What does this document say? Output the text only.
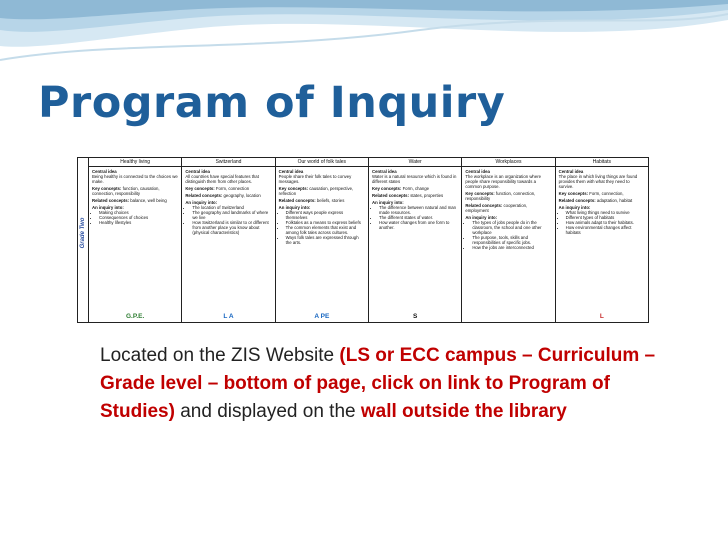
Program of Inquiry
Grade Two
Healthy living
Central idea
Being healthy is connected to the choices we make.
Key concepts: function, causation, connection, responsibility
Related concepts: balance, well being
An inquiry into:
• Making choices
• Consequences of choices
• Healthy lifestyles
G.P.E.
Switzerland
Central idea
All countries have special features that distinguish them from other places.
Key concepts: Form, connection
Related concepts: geography, location
An inquiry into:
• The location of Switzerland
• The geography and landmarks of where we live
• How Switzerland is similar to or different from another place you know about (physical characteristics)
L A
Our world of folk tales
Central idea
People share their folk tales to convey messages.
Key concepts: causation, perspective, reflection
Related concepts: beliefs, stories
An inquiry into:
• Different ways people express themselves
• Folktales as a means to express beliefs
• The common elements that exist and among folk tales across cultures.
• Ways folk tales are expressed through the arts.
A PE
Water
Central idea
Water is a natural resource which is found in different states
Key concepts: Form, change
Related concepts: states, properties
An inquiry into:
• The difference between natural and man made resources.
• The different states of water.
• How water changes from one form to another.
S
Workplaces
Central idea
The workplace is an organization where people share responsibility towards a common purpose.
Key concepts: function, connection, responsibility
Related concepts: cooperation, employment
An inquiry into:
• The types of jobs people do in the classroom, the school and one other workplace
• The purpose, tools, skills and responsibilities of specific jobs.
• How the jobs are interconnected
Habitats
Central idea
The place in which living things are found provides them with what they need to survive.
Key concepts: Form, connection,
Related concepts: adaptation, habitat
An inquiry into:
• What living things need to survive
• Different types of habitats
• How animals adapt to their habitats.
• How environmental changes affect habitats
L
Located on the ZIS Website (LS or ECC campus – Curriculum – Grade level – bottom of page, click on link to Program of Studies) and displayed on the wall outside the library
